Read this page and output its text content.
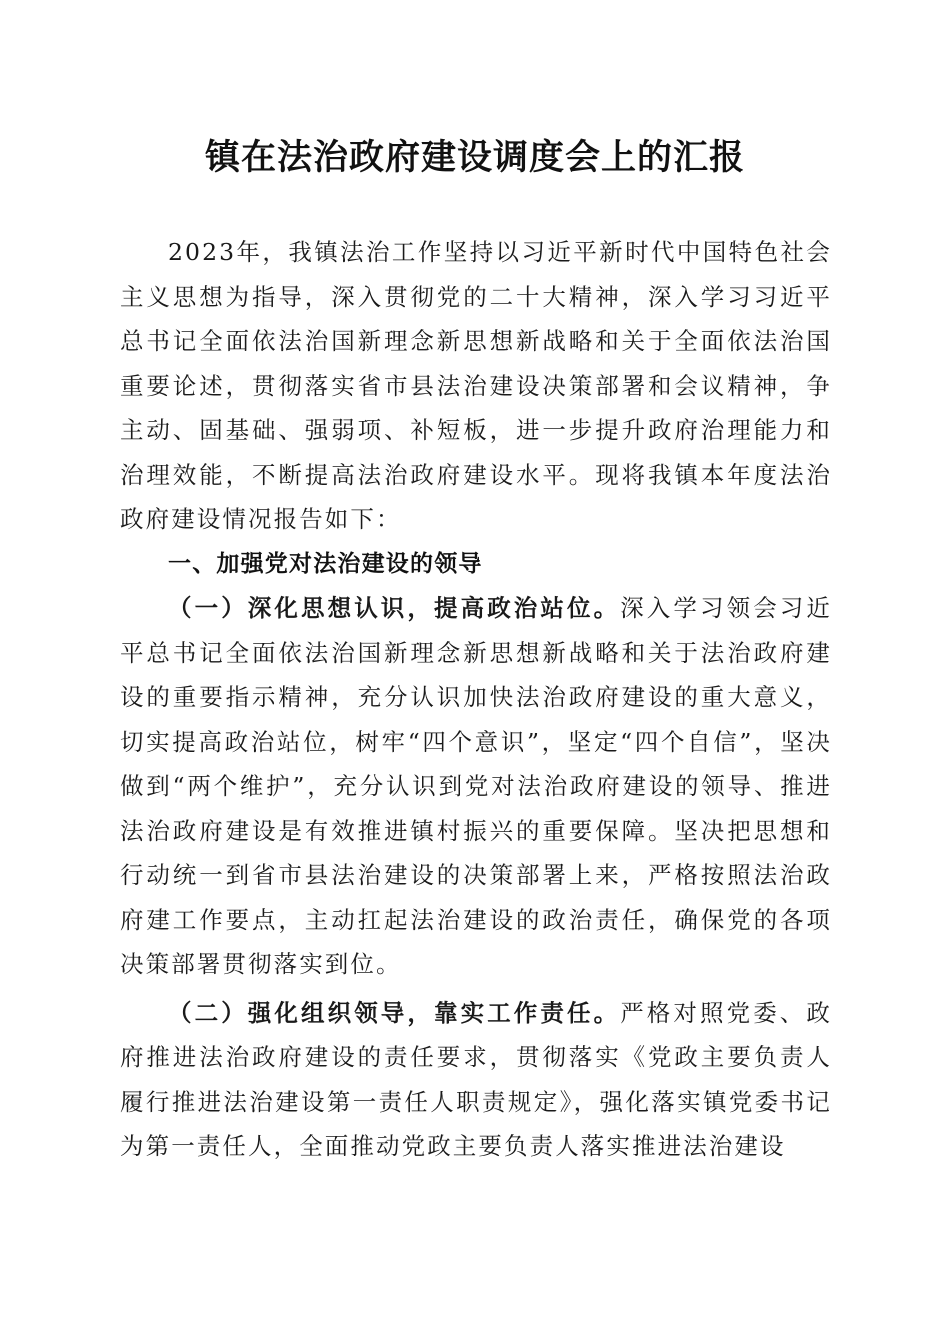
镇在法治政府建设调度会上的汇报

2023年，我镇法治工作坚持以习近平新时代中国特色社会主义思想为指导，深入贯彻党的二十大精神，深入学习习近平总书记全面依法治国新理念新思想新战略和关于全面依法治国重要论述，贯彻落实省市县法治建设决策部署和会议精神，争主动、固基础、强弱项、补短板，进一步提升政府治理能力和治理效能，不断提高法治政府建设水平。现将我镇本年度法治政府建设情况报告如下：

一、加强党对法治建设的领导

（一）深化思想认识，提高政治站位。深入学习领会习近平总书记全面依法治国新理念新思想新战略和关于法治政府建设的重要指示精神，充分认识加快法治政府建设的重大意义，切实提高政治站位，树牢“四个意识”，坚定“四个自信”，坚决做到“两个维护”，充分认识到党对法治政府建设的领导、推进法治政府建设是有效推进镇村振兴的重要保障。坚决把思想和行动统一到省市县法治建设的决策部署上来，严格按照法治政府建工作要点，主动扛起法治建设的政治责任，确保党的各项决策部署贯彻落实到位。

（二）强化组织领导，靠实工作责任。严格对照党委、政府推进法治政府建设的责任要求，贯彻落实《党政主要负责人履行推进法治建设第一责任人职责规定》，强化落实镇党委书记为第一责任人，全面推动党政主要负责人落实推进法治建设
